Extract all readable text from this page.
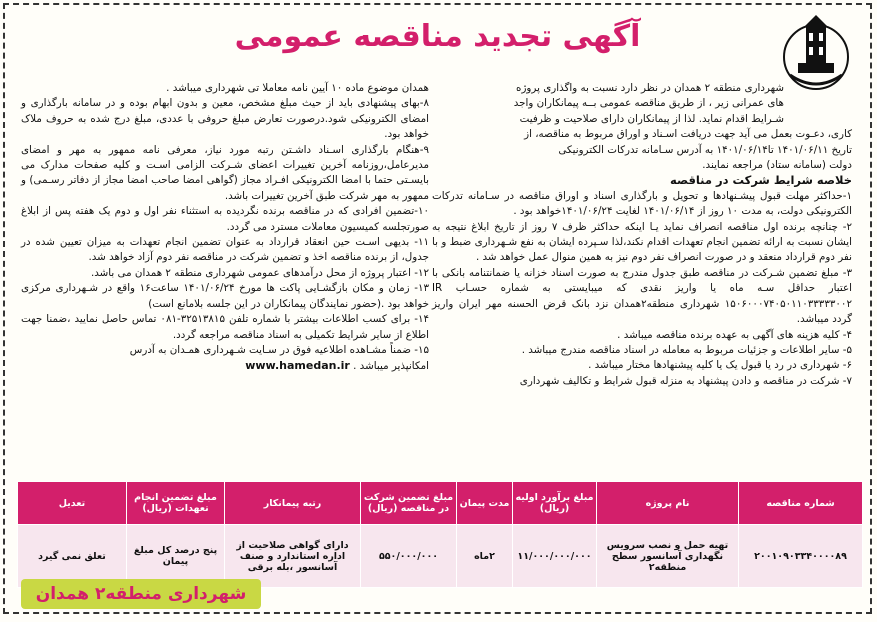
آگهی تجدید مناقصه عمومی

شهرداری منطقه ۲ همدان در نظر دارد نسبت به واگذاری پروژه

های عمرانی زیر ، از طریق مناقصه عمومی بــه پیمانکاران واجد

شـرایط اقدام نماید. لذا از پیمانکاران دارای صلاحیت و ظرفیت

کاری، دعـوت بعمل می آید جهت دریافت اسـناد و اوراق مربوط به مناقصه، از

تاریخ ۱۴۰۱/۰۶/۱۱ تا۱۴۰۱/۰۶/۱۴ به آدرس سـامانه تدرکات الکترونیکی

دولت (سامانه ستاد) مراجعه نمایند.

خلاصه شرایط شرکت در مناقصه

۱-حداکثر مهلت قبول پیشـنهادها و تحویل و بارگذاری اسناد و اوراق مناقصه در سـامانه تدرکات الکترونیکی دولت، به مدت ۱۰ روز از ۱۴۰۱/۰۶/۱۴ لغایت ۱۴۰۱/۰۶/۲۴خواهد بود .

۲- چنانچه برنده اول مناقصه انصراف نماید یـا اینکه حداکثر ظرف ۷ روز از تاریخ ابلاغ نتیجه به ایشان نسبت به ارائه تضمین انجام تعهدات اقدام نکند،لذا سـپرده ایشان به نفع شـهرداری ضبط و با نفر دوم قرارداد منعقد و در صورت انصراف نفر دوم نیز به همین منوال عمل خواهد شد .

۳- مبلغ تضمین شـرکت در مناقصه طبق جدول مندرج به صورت اسناد خزانه یا ضمانتنامه بانکی با اعتبار حداقل سـه ماه یا واریز نقدی که میبایستی به شماره حسـاب IR ۱۵۰۶۰۰۰۷۴۰۵۰۱۱۰۳۳۳۳۳۰۰۲ شهرداری منطقه۲همدان نزد بانک قرض الحسنه مهر ایران واریز گردد میباشد.

۴- کلیه هزینه های آگهی به عهده برنده مناقصه میباشد .

۵- سایر اطلاعات و جزئیات مربوط به معامله در اسناد مناقصه مندرج میباشد .

۶- شهرداری در رد یا قبول یک یا کلیه پیشنهادها مختار میباشد .

۷- شرکت در مناقصه و دادن پیشنهاد به منزله قبول شرایط و تکالیف شهرداری

همدان موضوع ماده ۱۰ آیین نامه معاملا تی شهرداری میباشد .

۸-بهای پیشنهادی باید از حیث مبلغ مشخص، معین و بدون ابهام بوده و در سامانه بارگذاری و امضای الکترونیکی شود.درصورت تعارض مبلغ حروفی با عددی، مبلغ درج شده به حروف ملاک خواهد بود.

۹-هنگام بارگذاری اسـناد داشـتن رتبه مورد نیاز، معرفی نامه ممهور به مهر و امضای مدیرعامل،روزنامه آخرین تغییرات اعضای شـرکت الزامی اسـت و کلیه صفحات مدارک می بایسـتی حتما با امضا الکترونیکی افـراد مجاز (گواهی امضا صاحب امضا مجاز از دفاتر رسـمی) و ممهور به مهر شرکت طبق آخرین تغییرات باشد.

۱۰-تضمین افرادی که در مناقصه برنده نگردیده به استثناء نفر اول و دوم یک هفته پس از ابلاغ صورتجلسه کمیسیون معاملات مسترد می گردد.

۱۱- بدیهی اسـت حین انعقاد قرارداد به عنوان تضمین انجام تعهدات به میزان تعیین شده در جدول، از برنده مناقصه اخذ و تضمین شرکت در مناقصه نفر دوم آزاد خواهد شد.

۱۲- اعتبار پروژه از محل درآمدهای عمومی شهرداری منطقه ۲ همدان می باشد.

۱۳- زمان و مکان بازگشـایی پاکت ها مورخ ۱۴۰۱/۰۶/۲۴ ساعت۱۶ واقع در شـهرداری مرکزی خواهد بود .(حضور نمایندگان پیمانکاران در این جلسه بلامانع است)

۱۴- برای کسب اطلاعات بیشتر با شماره تلفن ۳۲۵۱۳۸۱۵-۰۸۱ تماس حاصل نمایید ،ضمنا جهت اطلاع از سایر شرایط تکمیلی به اسناد مناقصه مراجعه گردد.

۱۵- ضمناً مشـاهده اطلاعیه فوق در سـایت شـهرداری همـدان به آدرس

امکانپذیر میباشد . www.hamedan.ir

شماره مناقصه	نام پروژه	مبلغ برآورد اولیه (ریال)	مدت پیمان	مبلغ تضمین شرکت در مناقصه (ریال)	رتبه پیمانکار	مبلغ تضمین انجام تعهدات (ریال)	تعدیل
۲۰۰۱۰۹۰۳۳۴۰۰۰۰۸۹	تهیه حمل و نصب سرویس نگهداری آسانسور سطح منطقه۲	۱۱/۰۰۰/۰۰۰/۰۰۰	۲ماه	۵۵۰/۰۰۰/۰۰۰	دارای گواهی صلاحیت از اداره استاندارد و صنف آسانسور ،بله برقی	پنج درصد کل مبلغ پیمان	تعلق نمی گیرد
شهرداری منطقه۲ همدان
